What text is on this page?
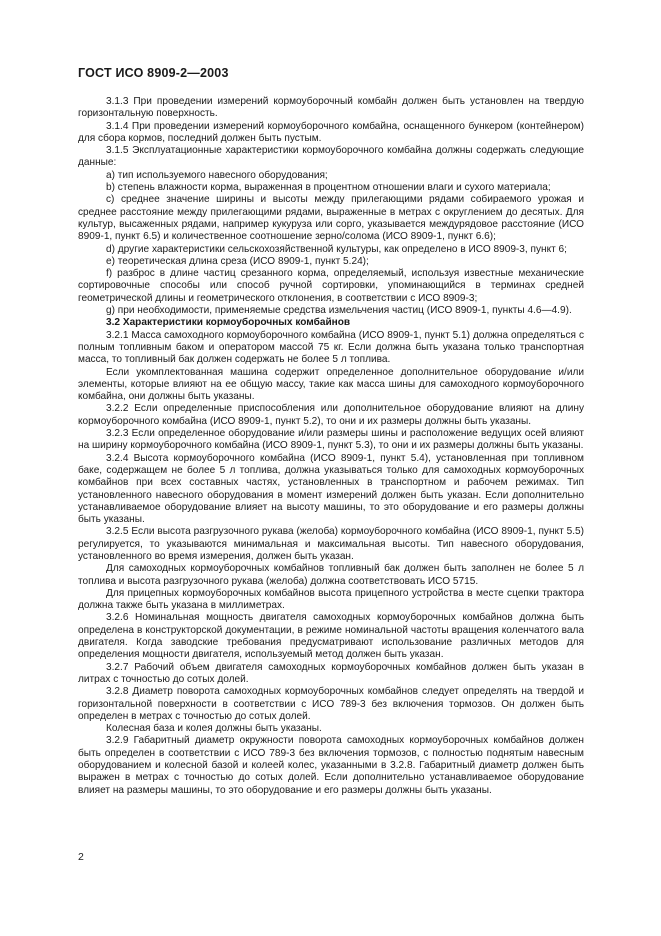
ГОСТ ИСО 8909-2—2003

3.1.3 При проведении измерений кормоуборочный комбайн должен быть установлен на твердую горизонтальную поверхность.

3.1.4 При проведении измерений кормоуборочного комбайна, оснащенного бункером (контейнером) для сбора кормов, последний должен быть пустым.

3.1.5 Эксплуатационные характеристики кормоуборочного комбайна должны содержать следующие данные:

a) тип используемого навесного оборудования;

b) степень влажности корма, выраженная в процентном отношении влаги и сухого материала;

c) среднее значение ширины и высоты между прилегающими рядами собираемого урожая и среднее расстояние между прилегающими рядами, выраженные в метрах с округлением до десятых. Для культур, высаженных рядами, например кукуруза или сорго, указывается междурядовое расстояние (ИСО 8909-1, пункт 6.5) и количественное соотношение зерно/солома (ИСО 8909-1, пункт 6.6);

d) другие характеристики сельскохозяйственной культуры, как определено в ИСО 8909-3, пункт 6;

e) теоретическая длина среза (ИСО 8909-1, пункт 5.24);

f) разброс в длине частиц срезанного корма, определяемый, используя известные механические сортировочные способы или способ ручной сортировки, упоминающийся в терминах средней геометрической длины и геометрического отклонения, в соответствии с ИСО 8909-3;

g) при необходимости, применяемые средства измельчения частиц (ИСО 8909-1, пункты 4.6—4.9).

3.2 Характеристики кормоуборочных комбайнов

3.2.1 Масса самоходного кормоуборочного комбайна (ИСО 8909-1, пункт 5.1) должна определяться с полным топливным баком и оператором массой 75 кг. Если должна быть указана только транспортная масса, то топливный бак должен содержать не более 5 л топлива.

Если укомплектованная машина содержит определенное дополнительное оборудование и/или элементы, которые влияют на ее общую массу, такие как масса шины для самоходного кормоуборочного комбайна, они должны быть указаны.

3.2.2 Если определенные приспособления или дополнительное оборудование влияют на длину кормоуборочного комбайна (ИСО 8909-1, пункт 5.2), то они и их размеры должны быть указаны.

3.2.3 Если определенное оборудование и/или размеры шины и расположение ведущих осей влияют на ширину кормоуборочного комбайна (ИСО 8909-1, пункт 5.3), то они и их размеры должны быть указаны.

3.2.4 Высота кормоуборочного комбайна (ИСО 8909-1, пункт 5.4), установленная при топливном баке, содержащем не более 5 л топлива, должна указываться только для самоходных кормоуборочных комбайнов при всех составных частях, установленных в транспортном и рабочем режимах. Тип установленного навесного оборудования в момент измерений должен быть указан. Если дополнительно устанавливаемое оборудование влияет на высоту машины, то это оборудование и его размеры должны быть указаны.

3.2.5 Если высота разгрузочного рукава (желоба) кормоуборочного комбайна (ИСО 8909-1, пункт 5.5) регулируется, то указываются минимальная и максимальная высоты. Тип навесного оборудования, установленного во время измерения, должен быть указан.

Для самоходных кормоуборочных комбайнов топливный бак должен быть заполнен не более 5 л топлива и высота разгрузочного рукава (желоба) должна соответствовать ИСО 5715.

Для прицепных кормоуборочных комбайнов высота прицепного устройства в месте сцепки трактора должна также быть указана в миллиметрах.

3.2.6 Номинальная мощность двигателя самоходных кормоуборочных комбайнов должна быть определена в конструкторской документации, в режиме номинальной частоты вращения коленчатого вала двигателя. Когда заводские требования предусматривают использование различных методов для определения мощности двигателя, используемый метод должен быть указан.

3.2.7 Рабочий объем двигателя самоходных кормоуборочных комбайнов должен быть указан в литрах с точностью до сотых долей.

3.2.8 Диаметр поворота самоходных кормоуборочных комбайнов следует определять на твердой и горизонтальной поверхности в соответствии с ИСО 789-3 без включения тормозов. Он должен быть определен в метрах с точностью до сотых долей.

Колесная база и колея должны быть указаны.

3.2.9 Габаритный диаметр окружности поворота самоходных кормоуборочных комбайнов должен быть определен в соответствии с ИСО 789-3 без включения тормозов, с полностью поднятым навесным оборудованием и колесной базой и колеей колес, указанными в 3.2.8. Габаритный диаметр должен быть выражен в метрах с точностью до сотых долей. Если дополнительно устанавливаемое оборудование влияет на размеры машины, то это оборудование и его размеры должны быть указаны.

2
